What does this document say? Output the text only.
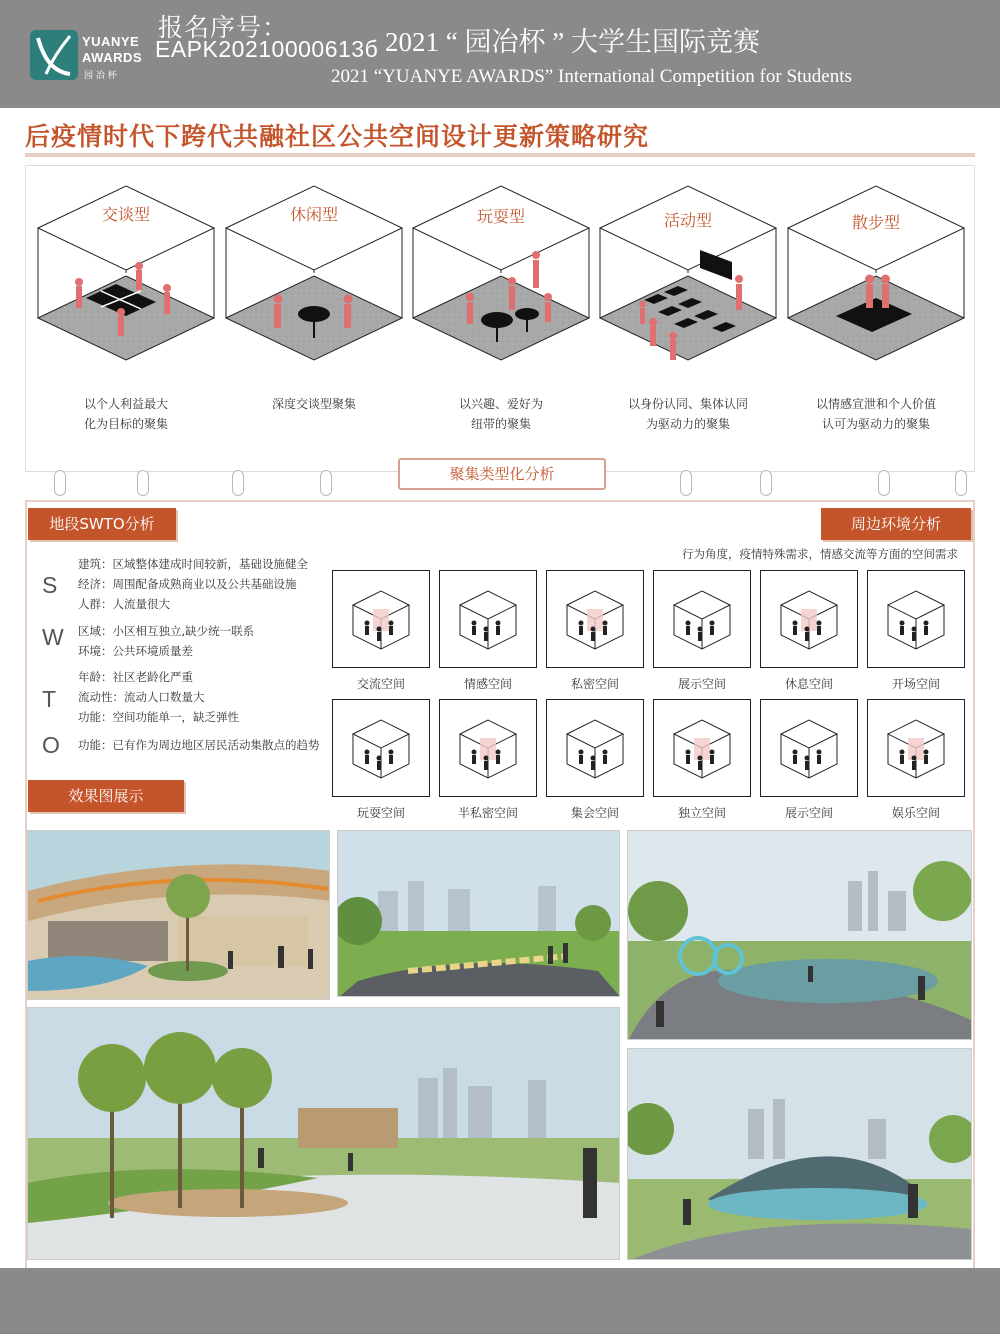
YUANYE
AWARDS
园 冶 杯
报名序号：
EAPK20210000613б 2021 “ 园冶杯 ” 大学生国际竞赛
2021 “YUANYE AWARDS” International Competition for Students
后疫情时代下跨代共融社区公共空间设计更新策略研究
交谈型	休闲型	玩耍型	活动型	散步型
以个人利益最大
化为目标的聚集
深度交谈型聚集	以兴趣、爱好为
纽带的聚集
以身份认同、集体认同
为驱动力的聚集
以情感宣泄和个人价值
认可为驱动力的聚集
聚集类型化分析
地段SWTO分析	周边环境分析
S
W
T
O
建筑：区域整体建成时间较新，基础设施健全
经济：周围配备成熟商业以及公共基础设施
人群：人流量很大
区域：小区相互独立,缺少统一联系
环境：公共环境质量差
年龄：社区老龄化严重
流动性：流动人口数量大
功能：空间功能单一，缺乏弹性
功能：已有作为周边地区居民活动集散点的趋势
行为角度，疫情特殊需求，情感交流等方面的空间需求
交流空间	情感空间	私密空间	展示空间	休息空间	开场空间
玩耍空间	半私密空间	集会空间	独立空间	展示空间	娱乐空间
效果图展示
